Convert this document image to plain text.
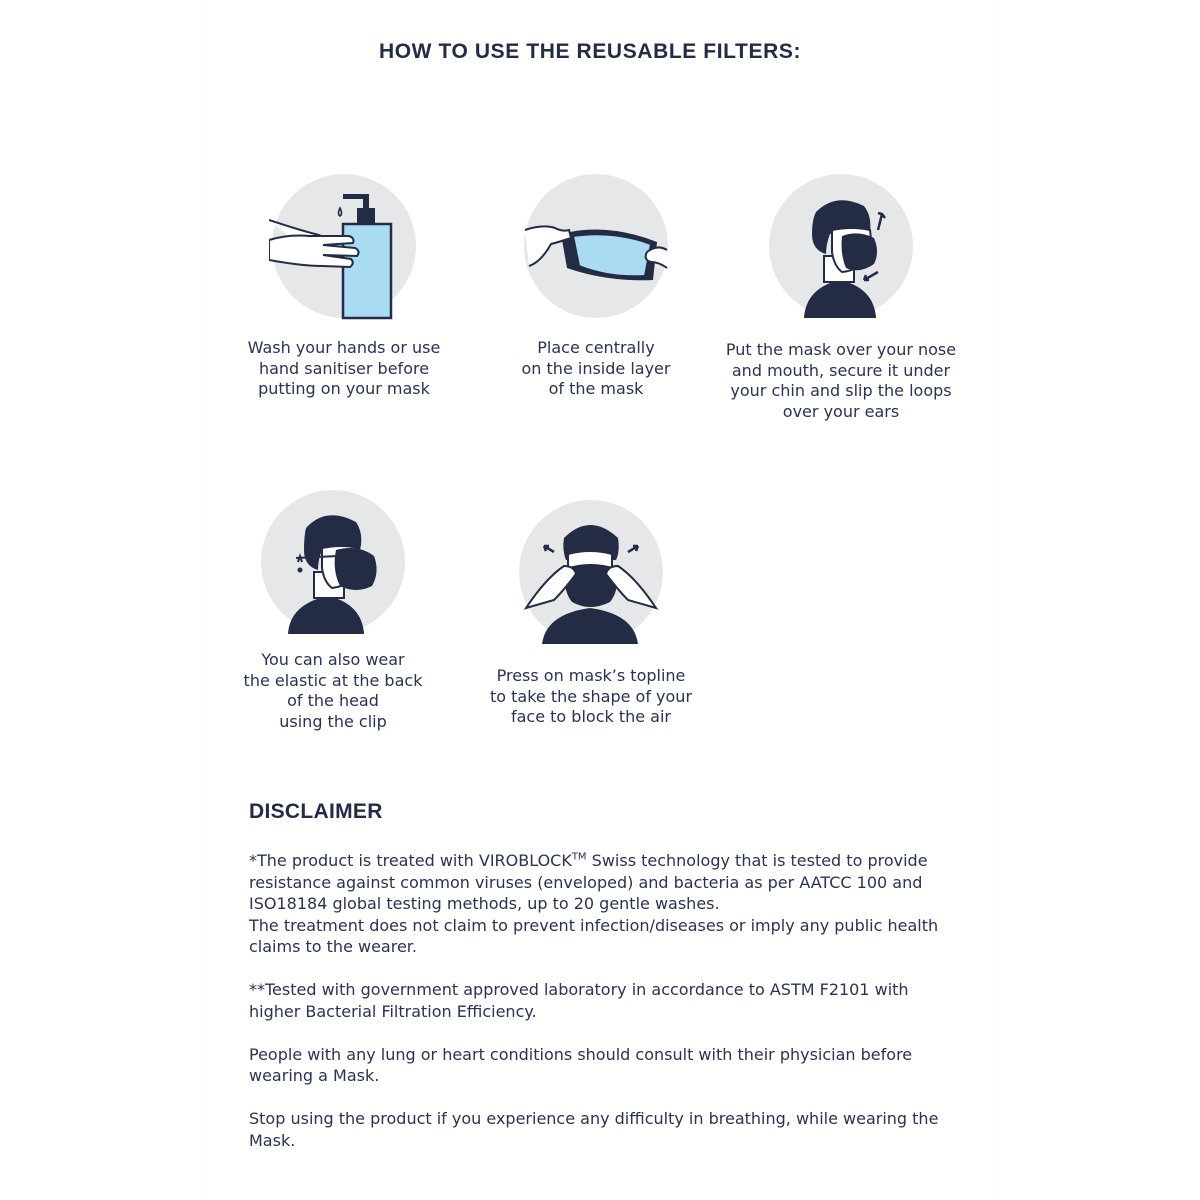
HOW TO USE THE REUSABLE FILTERS:
Wash your hands or use
hand sanitiser before
putting on your mask
Place centrally
on the inside layer
of the mask
Put the mask over your nose
and mouth, secure it under
your chin and slip the loops
over your ears
You can also wear
the elastic at the back
of the head
using the clip
Press on mask’s topline
to take the shape of your
face to block the air
DISCLAIMER

*The product is treated with VIROBLOCK™ Swiss technology that is tested to provide resistance against common viruses (enveloped) and bacteria as per AATCC 100 and ISO18184 global testing methods, up to 20 gentle washes.

The treatment does not claim to prevent infection/diseases or imply any public health claims to the wearer.

**Tested with government approved laboratory in accordance to ASTM F2101 with higher Bacterial Filtration Efficiency.

People with any lung or heart conditions should consult with their physician before wearing a Mask.

Stop using the product if you experience any difficulty in breathing, while wearing the Mask.
